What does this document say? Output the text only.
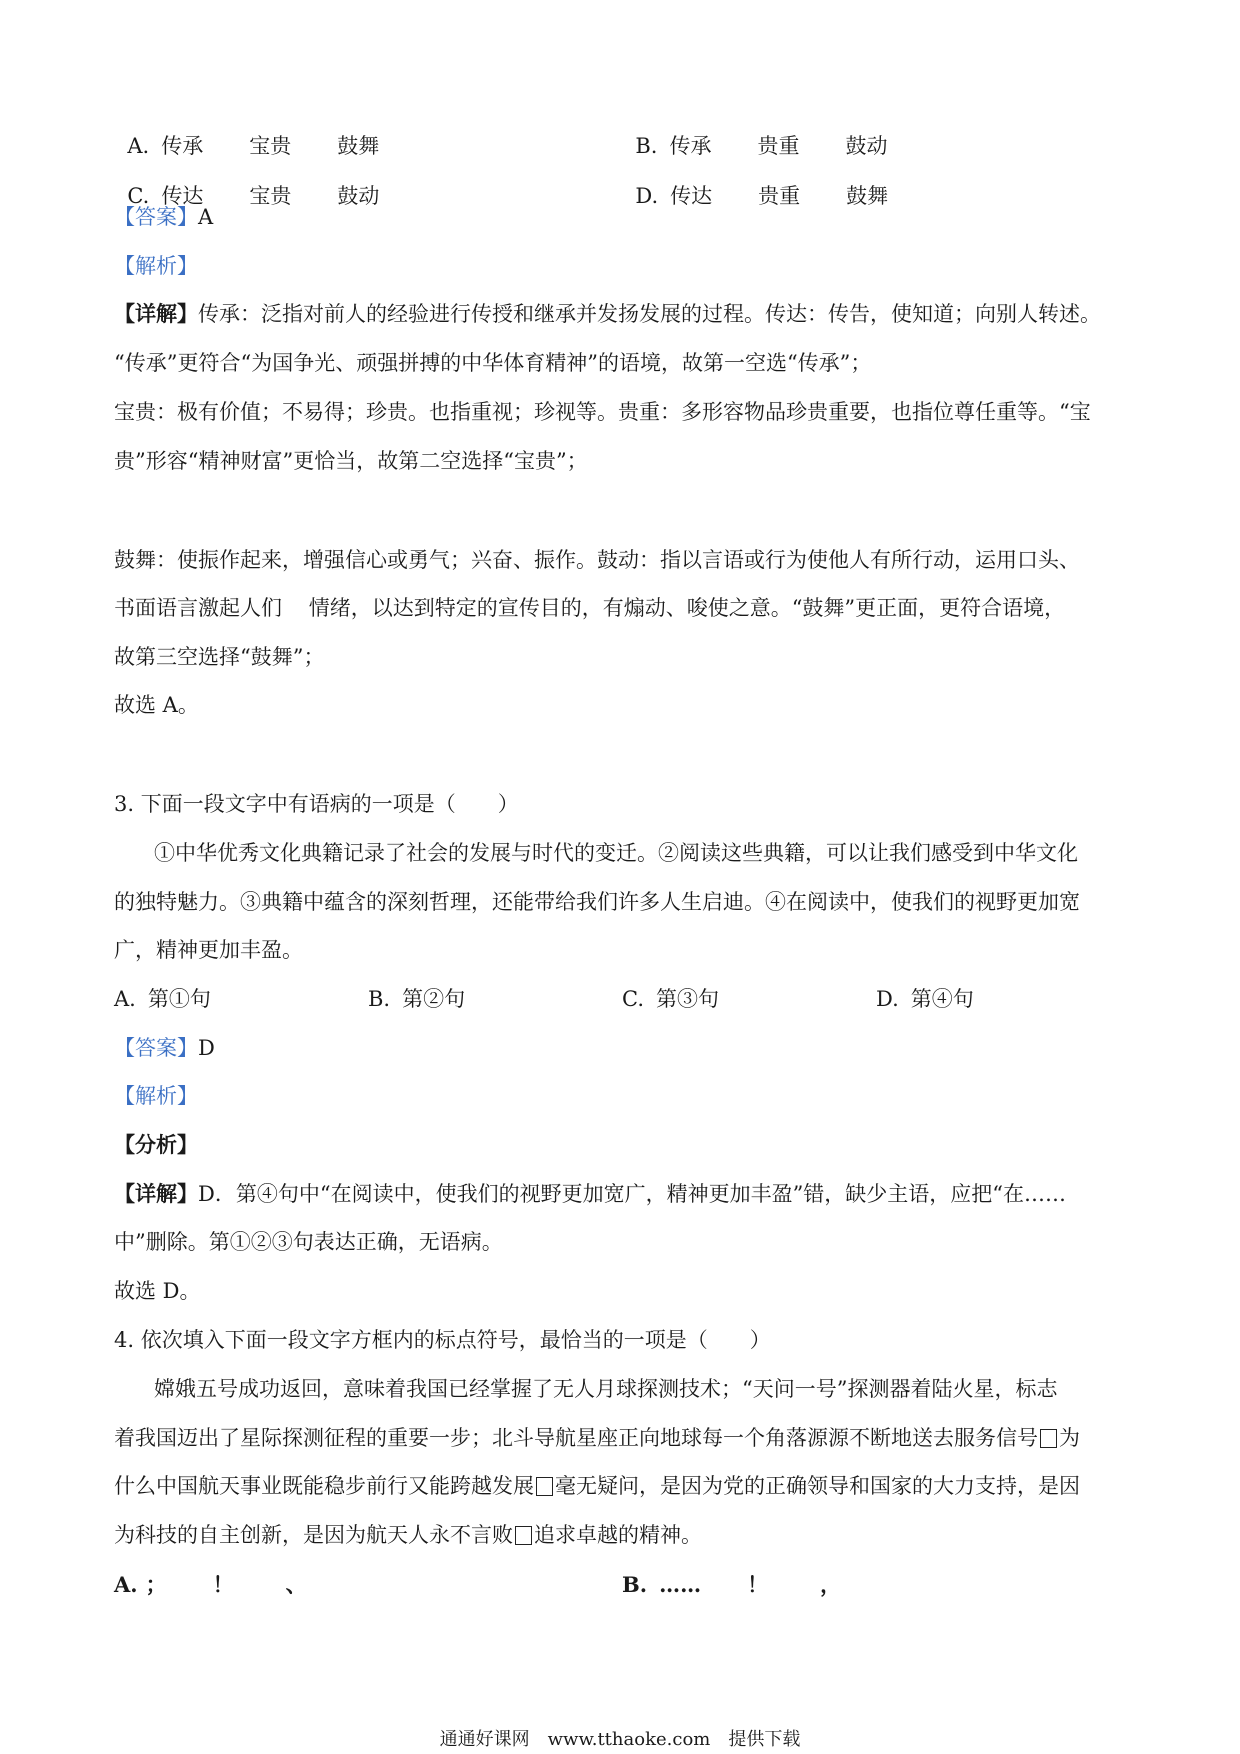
A. 传承 宝贵 鼓舞	B. 传承 贵重 鼓动

C. 传达 宝贵 鼓动	D. 传达 贵重 鼓舞

【答案】A
【解析】
【详解】传承：泛指对前人的经验进行传授和继承并发扬发展的过程。传达：传告，使知道；向别人转述。
“传承”更符合“为国争光、顽强拼搏的中华体育精神”的语境，故第一空选“传承”；
宝贵：极有价值；不易得；珍贵。也指重视；珍视等。贵重：多形容物品珍贵重要，也指位尊任重等。“宝
贵”形容“精神财富”更恰当，故第二空选择“宝贵”；
鼓舞：使振作起来，增强信心或勇气；兴奋、振作。鼓动：指以言语或行为使他人有所行动，运用口头、
书面语言激起人们    情绪，以达到特定的宣传目的，有煽动、唆使之意。“鼓舞”更正面，更符合语境，
故第三空选择“鼓舞”；
故选 A。
3. 下面一段文字中有语病的一项是（　　）
①中华优秀文化典籍记录了社会的发展与时代的变迁。②阅读这些典籍，可以让我们感受到中华文化
的独特魅力。③典籍中蕴含的深刻哲理，还能带给我们许多人生启迪。④在阅读中，使我们的视野更加宽
广，精神更加丰盈。
A. 第①句	B. 第②句	C. 第③句	D. 第④句
【答案】D
【解析】
【分析】
【详解】D．第④句中“在阅读中，使我们的视野更加宽广，精神更加丰盈”错，缺少主语，应把“在……
中”删除。第①②③句表达正确，无语病。
故选 D。
4. 依次填入下面一段文字方框内的标点符号，最恰当的一项是（　　）
嫦娥五号成功返回，意味着我国已经掌握了无人月球探测技术；“天问一号”探测器着陆火星，标志
着我国迈出了星际探测征程的重要一步；北斗导航星座正向地球每一个角落源源不断地送去服务信号 为
什么中国航天事业既能稳步前行又能跨越发展 毫无疑问，是因为党的正确领导和国家的大力支持，是因
为科技的自主创新，是因为航天人永不言败 追求卓越的精神。
A. ； ！ 、	B. …… ！ ，
通通好课网　www.tthaoke.com　提供下载
